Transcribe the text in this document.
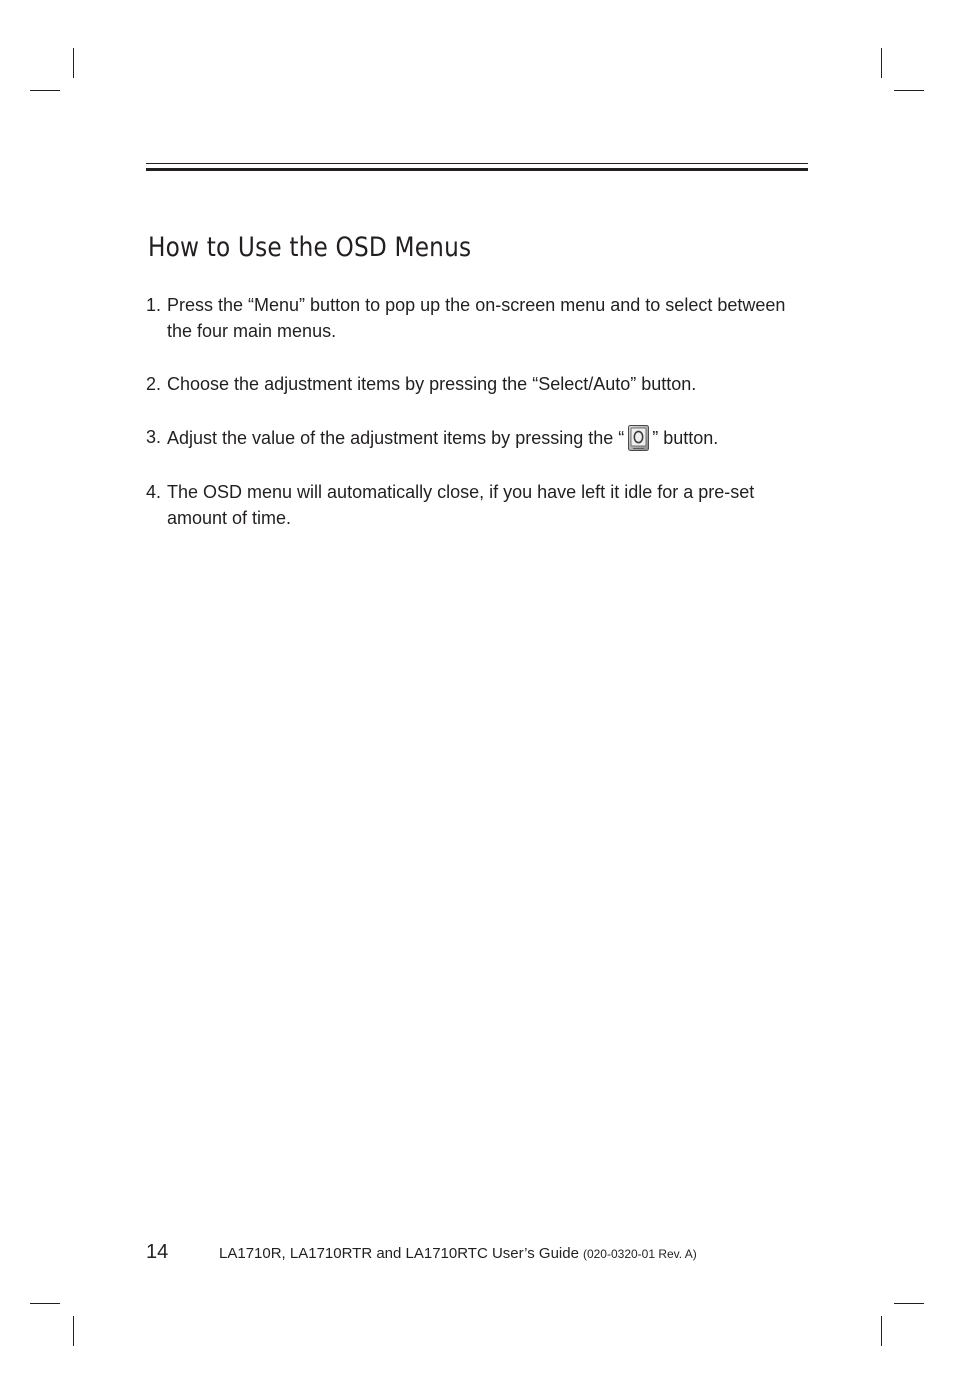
How to Use the OSD Menus
1. Press the “Menu” button to pop up the on-screen menu and to select between the four main menus.
2. Choose the adjustment items by pressing the “Select/Auto” button.
3. Adjust the value of the adjustment items by pressing the “ ” button.
4. The OSD menu will automatically close, if you have left it idle for a pre-set amount of time.
14	LA1710R, LA1710RTR and LA1710RTC User’s Guide (020-0320-01 Rev. A)
